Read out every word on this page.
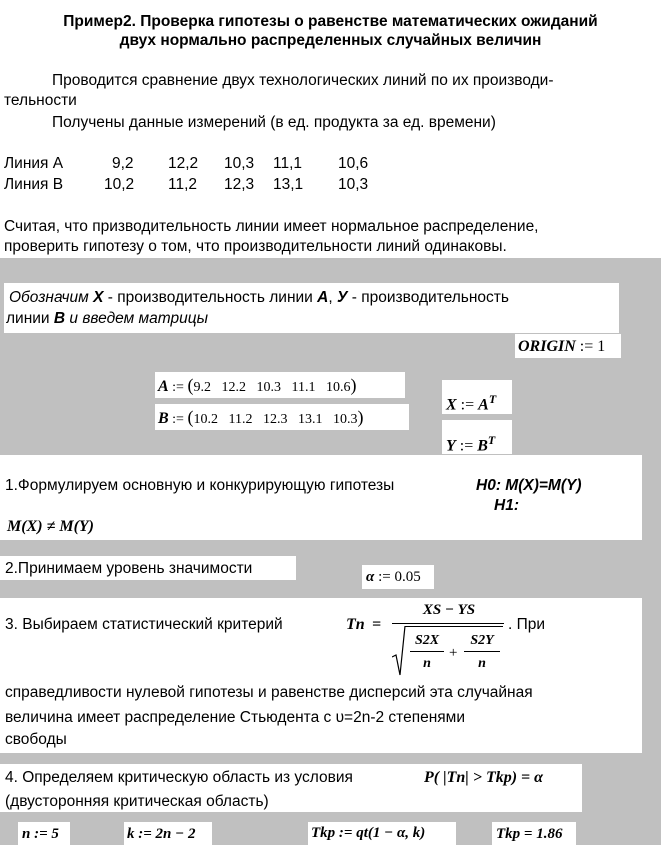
Пример2. Проверка гипотезы о равенстве математических ожиданий
двух нормально распределенных случайных величин
Проводится сравнение двух технологических линий по их производи-
тельности
Получены данные измерений (в ед. продукта за ед. времени)
Линия А	9,2 12,2 10,3 11,1 10,6
Линия В	10,2 11,2 12,3 13,1 10,3
Считая, что призводительность линии имеет нормальное распределение,
проверить гипотезу о том, что производительности линий одинаковы.
Обозначим X - производительность линии А, У - производительность
линии В и введем матрицы
ORIGIN := 1
A := (9.2 12.2 10.3 11.1 10.6)
B := (10.2 11.2 12.3 13.1 10.3)
X := $A^T$
Y := $B^T$
1.Формулируем основную и конкурирующую гипотезы	H0: M(X)=M(Y)
H1:
M(X) ≠ M(Y)
2.Принимаем уровень значимости	α := 0.05
3. Выбираем статистический критерий	Tn =
XS − YS
S2X
n
+
S2Y
n
. При
справедливости нулевой гипотезы и равенстве дисперсий эта случайная
величина имеет распределение Стьюдента с υ=2n-2 степенями
свободы
4. Определяем критическую область из условия	P( |Tn| > Tkp) = α
(двусторонняя критическая область)
n := 5	k := 2n − 2	Tkp := qt(1 − α, k)	Tkp = 1.86
